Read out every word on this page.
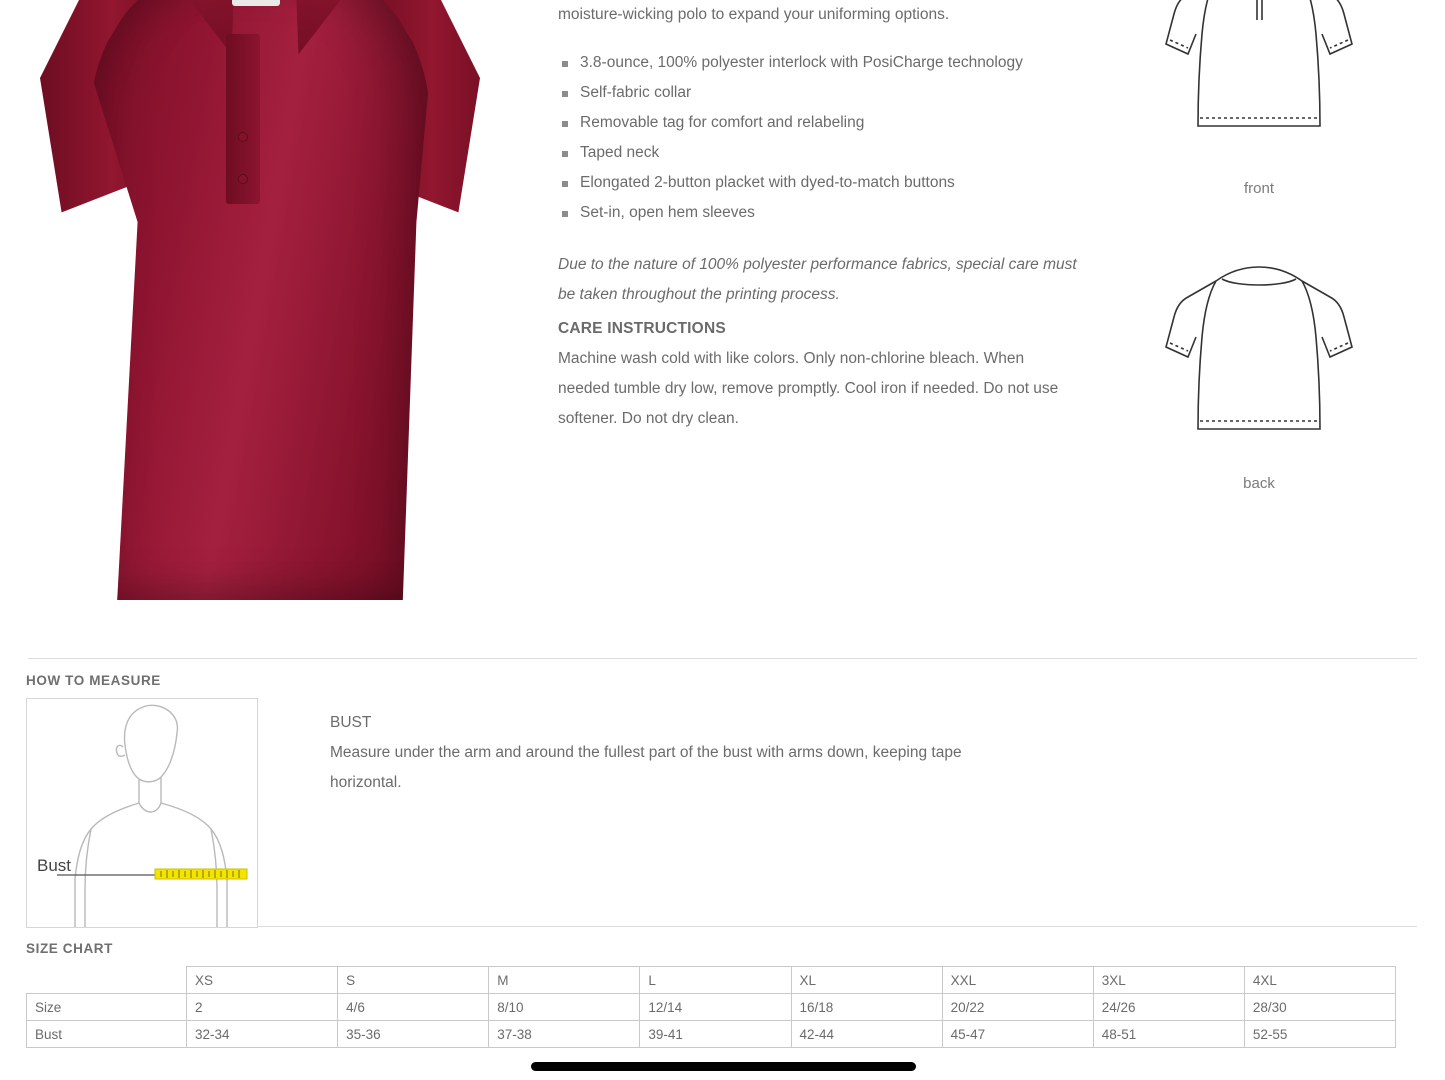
moisture-wicking polo to expand your uniforming options.

3.8-ounce, 100% polyester interlock with PosiCharge technology
Self-fabric collar
Removable tag for comfort and relabeling
Taped neck
Elongated 2-button placket with dyed-to-match buttons
Set-in, open hem sleeves

Due to the nature of 100% polyester performance fabrics, special care must be taken throughout the printing process.

CARE INSTRUCTIONS

Machine wash cold with like colors. Only non-chlorine bleach. When needed tumble dry low, remove promptly. Cool iron if needed. Do not use softener. Do not dry clean.

front
back
HOW TO MEASURE
Bust
BUST
Measure under the arm and around the fullest part of the bust with arms down, keeping tape horizontal.
SIZE CHART
	XS	S	M	L	XL	XXL	3XL	4XL
Size	2	4/6	8/10	12/14	16/18	20/22	24/26	28/30
Bust	32-34	35-36	37-38	39-41	42-44	45-47	48-51	52-55
